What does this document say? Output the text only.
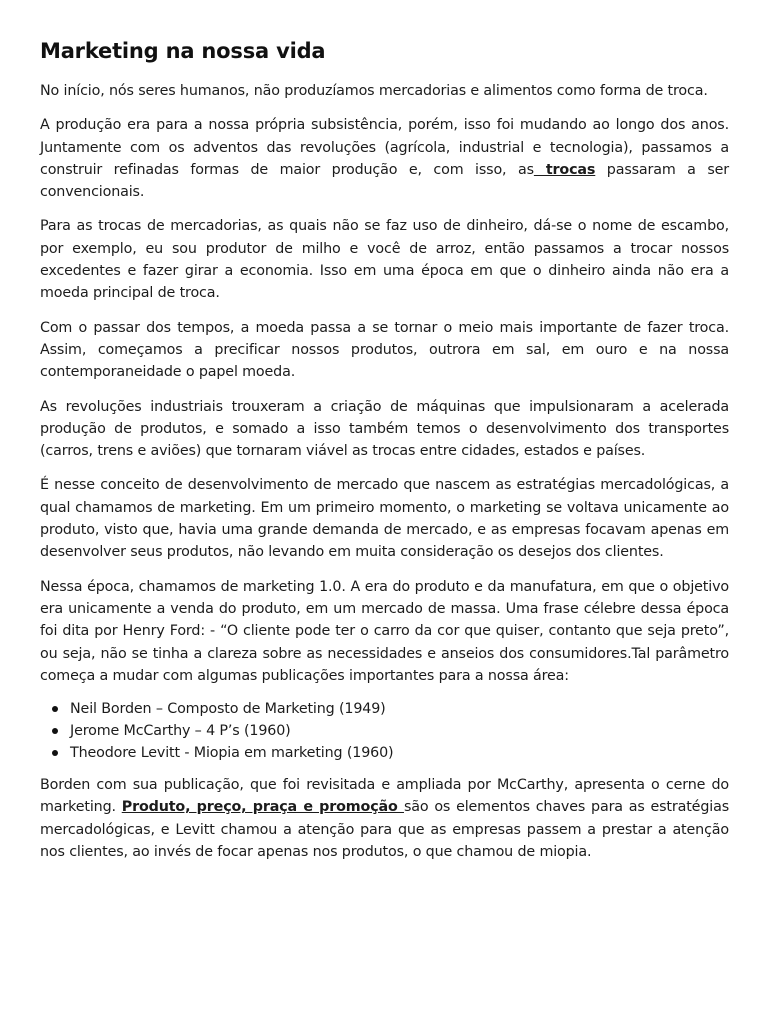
Marketing na nossa vida

No início, nós seres humanos, não produzíamos mercadorias e alimentos como forma de troca.

A produção era para a nossa própria subsistência, porém, isso foi mudando ao longo dos anos. Juntamente com os adventos das revoluções (agrícola, industrial e tecnologia), passamos a construir refinadas formas de maior produção e, com isso, as trocas passaram a ser convencionais.

Para as trocas de mercadorias, as quais não se faz uso de dinheiro, dá-se o nome de escambo, por exemplo, eu sou produtor de milho e você de arroz, então passamos a trocar nossos excedentes e fazer girar a economia. Isso em uma época em que o dinheiro ainda não era a moeda principal de troca.

Com o passar dos tempos, a moeda passa a se tornar o meio mais importante de fazer troca. Assim, começamos a precificar nossos produtos, outrora em sal, em ouro e na nossa contemporaneidade o papel moeda.

As revoluções industriais trouxeram a criação de máquinas que impulsionaram a acelerada produção de produtos, e somado a isso também temos o desenvolvimento dos transportes (carros, trens e aviões) que tornaram viável as trocas entre cidades, estados e países.

É nesse conceito de desenvolvimento de mercado que nascem as estratégias mercadológicas, a qual chamamos de marketing. Em um primeiro momento, o marketing se voltava unicamente ao produto, visto que, havia uma grande demanda de mercado, e as empresas focavam apenas em desenvolver seus produtos, não levando em muita consideração os desejos dos clientes.

Nessa época, chamamos de marketing 1.0. A era do produto e da manufatura, em que o objetivo era unicamente a venda do produto, em um mercado de massa. Uma frase célebre dessa época foi dita por Henry Ford: - “O cliente pode ter o carro da cor que quiser, contanto que seja preto”, ou seja, não se tinha a clareza sobre as necessidades e anseios dos consumidores.Tal parâmetro começa a mudar com algumas publicações importantes para a nossa área:

Neil Borden – Composto de Marketing (1949)
Jerome McCarthy – 4 P’s (1960)
Theodore Levitt - Miopia em marketing (1960)

Borden com sua publicação, que foi revisitada e ampliada por McCarthy, apresenta o cerne do marketing. Produto, preço, praça e promoção são os elementos chaves para as estratégias mercadológicas, e Levitt chamou a atenção para que as empresas passem a prestar a atenção nos clientes, ao invés de focar apenas nos produtos, o que chamou de miopia.
